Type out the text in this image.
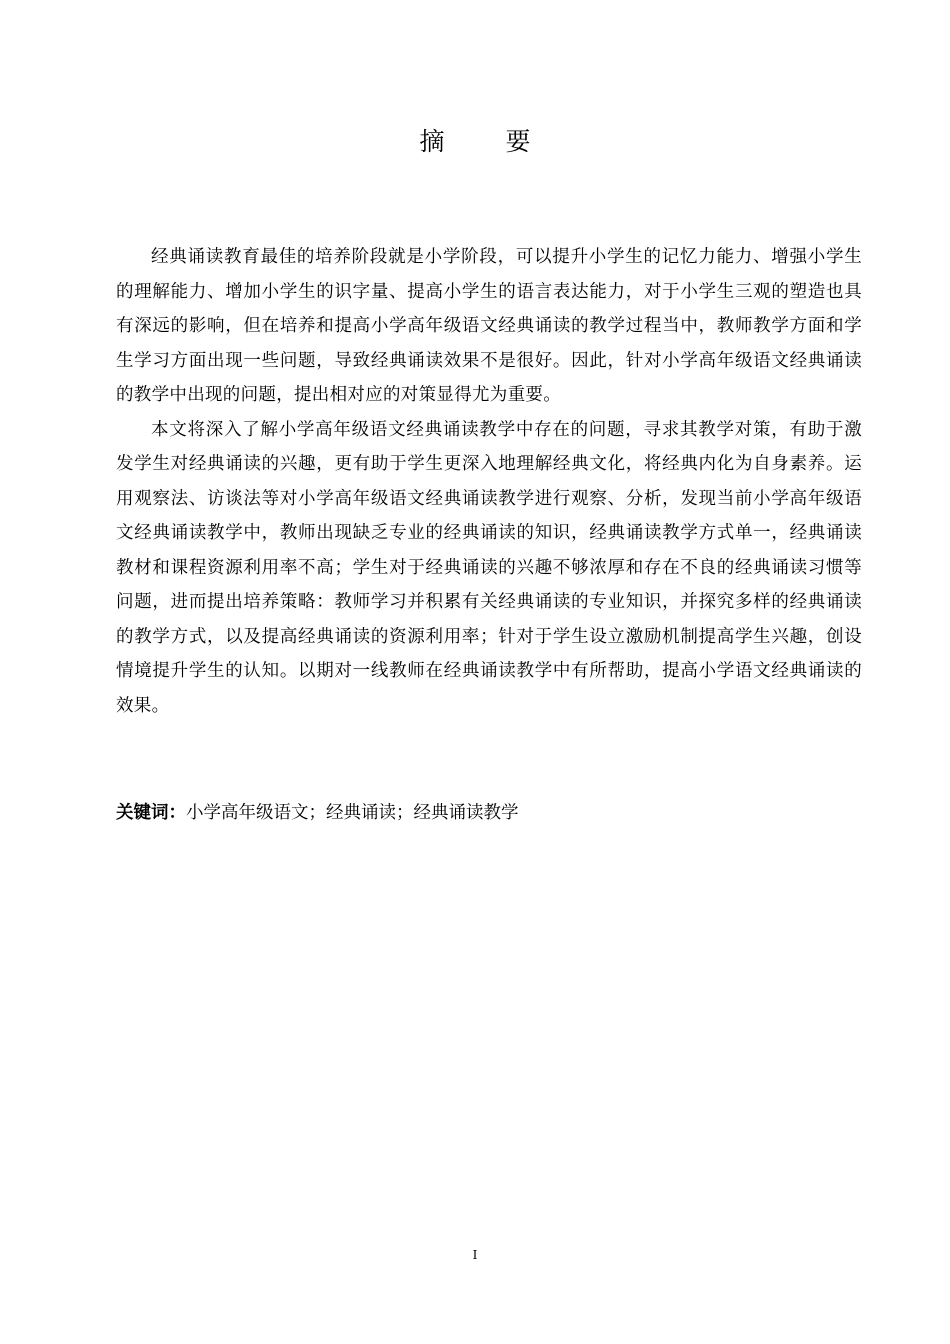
摘　要

经典诵读教育最佳的培养阶段就是小学阶段，可以提升小学生的记忆力能力、增强小学生的理解能力、增加小学生的识字量、提高小学生的语言表达能力，对于小学生三观的塑造也具有深远的影响，但在培养和提高小学高年级语文经典诵读的教学过程当中，教师教学方面和学生学习方面出现一些问题，导致经典诵读效果不是很好。因此，针对小学高年级语文经典诵读的教学中出现的问题，提出相对应的对策显得尤为重要。

本文将深入了解小学高年级语文经典诵读教学中存在的问题，寻求其教学对策，有助于激发学生对经典诵读的兴趣，更有助于学生更深入地理解经典文化，将经典内化为自身素养。运用观察法、访谈法等对小学高年级语文经典诵读教学进行观察、分析，发现当前小学高年级语文经典诵读教学中，教师出现缺乏专业的经典诵读的知识，经典诵读教学方式单一，经典诵读教材和课程资源利用率不高；学生对于经典诵读的兴趣不够浓厚和存在不良的经典诵读习惯等问题，进而提出培养策略：教师学习并积累有关经典诵读的专业知识，并探究多样的经典诵读的教学方式，以及提高经典诵读的资源利用率；针对于学生设立激励机制提高学生兴趣，创设情境提升学生的认知。以期对一线教师在经典诵读教学中有所帮助，提高小学语文经典诵读的效果。

关键词：小学高年级语文；经典诵读；经典诵读教学
I
